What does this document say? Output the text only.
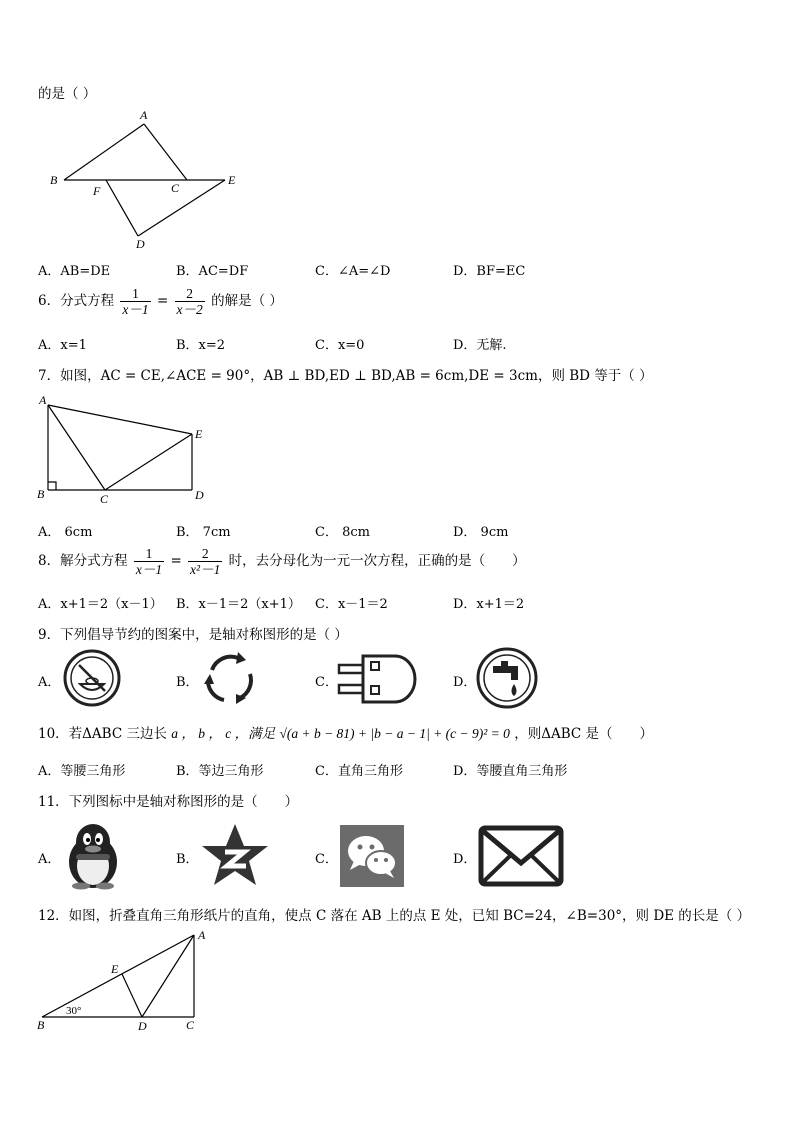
的是（ ）
A
B
C
D
E
F
A．AB=DE	B．AC=DF	C．∠A=∠D	D．BF=EC
6．分式方程 $\frac{1}{x-1} = \frac{2}{x-2}$ 的解是（ ）
A．x=1	B．x=2	C．x=0	D．无解.
7．如图，AC = CE,∠ACE = 90°，AB ⊥ BD,ED ⊥ BD,AB = 6cm,DE = 3cm，则 BD 等于（ ）
A
B	C	D
E
A． 6cm	B． 7cm	C． 8cm	D． 9cm
8．解分式方程 $\frac{1}{x-1} = \frac{2}{\text{x²－1}}$ 时，去分母化为一元一次方程，正确的是（　　）
A．x+1＝2（x－1） B．x－1＝2（x+1） C．x－1＝2	D．x+1＝2
9．下列倡导节约的图案中，是轴对称图形的是（ ）
A．	B．	C．	D．
10．若ΔABC 三边长 a ， b ， c ，满足 √(a + b − 81) + |b − a − 1| + (c − 9)² = 0 ，则ΔABC 是（　　）
A．等腰三角形	B．等边三角形	C．直角三角形	D．等腰直角三角形
11．下列图标中是轴对称图形的是（　　）
A．	B．	C．	D．
12．如图，折叠直角三角形纸片的直角，使点 C 落在 AB 上的点 E 处，已知 BC=24，∠B=30°，则 DE 的长是（ ）
A
B	C
D
E
30°
